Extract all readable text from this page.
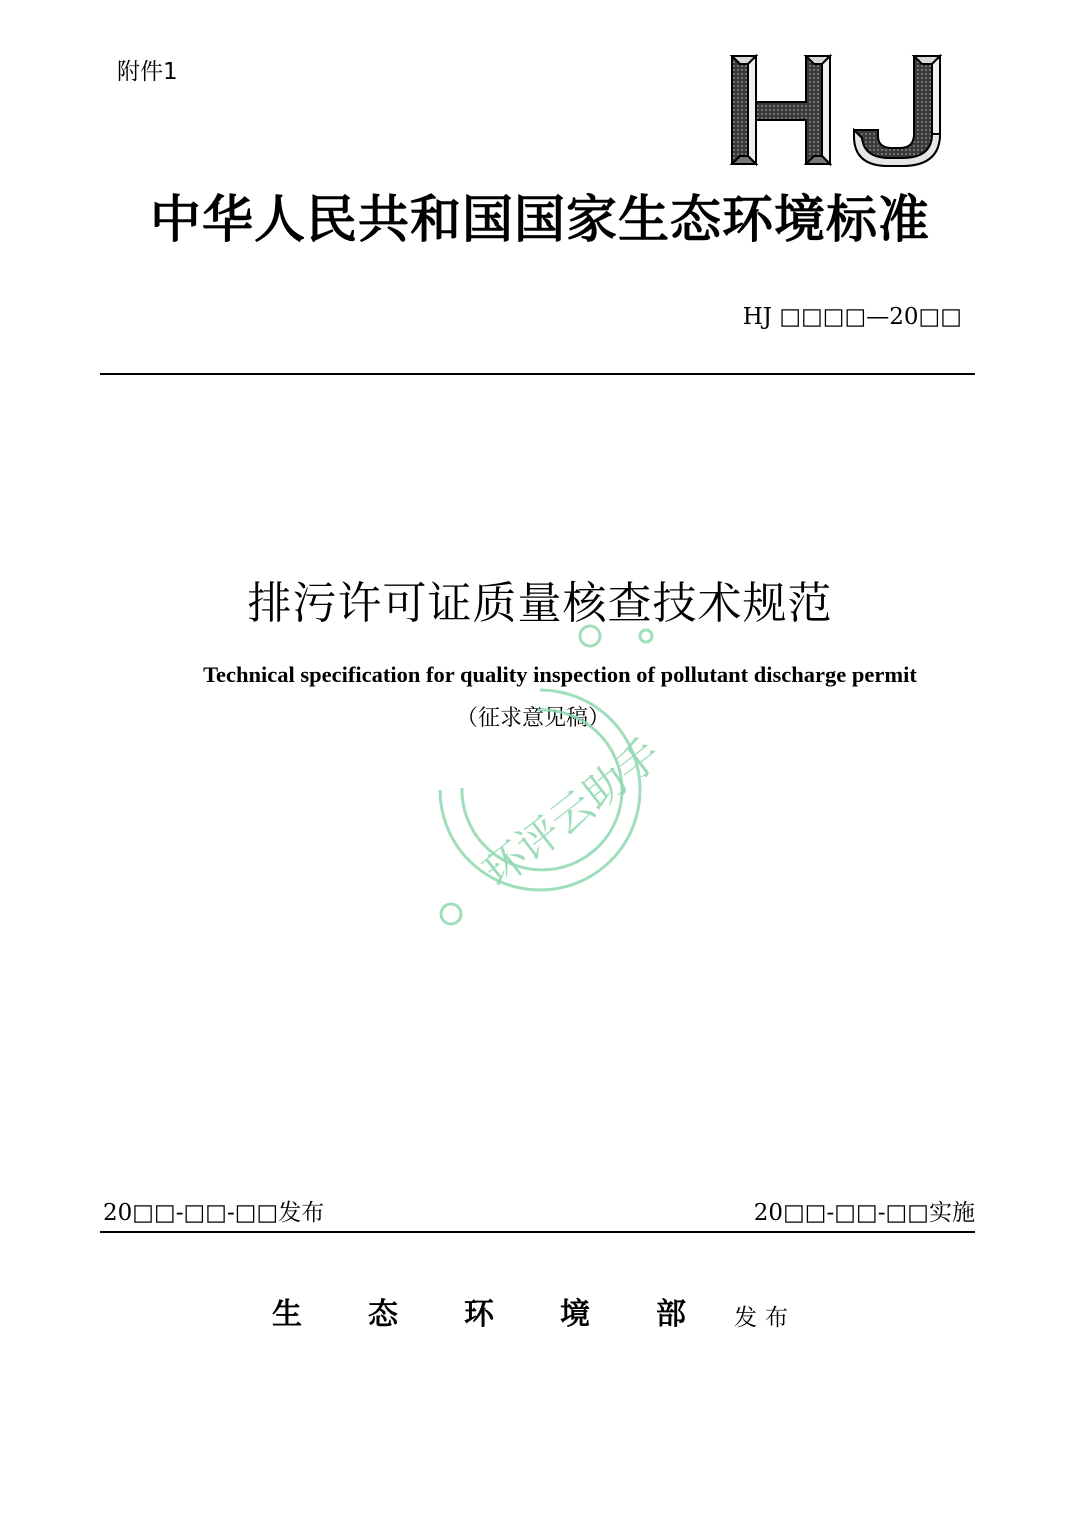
附件1
中华人民共和国国家生态环境标准
HJ □□□□—20□□
排污许可证质量核查技术规范
Technical specification for quality inspection of pollutant discharge permit
（征求意见稿）
环评云助手
20□□-□□-□□发布	20□□-□□-□□实施
生 态 环 境 部	发布
